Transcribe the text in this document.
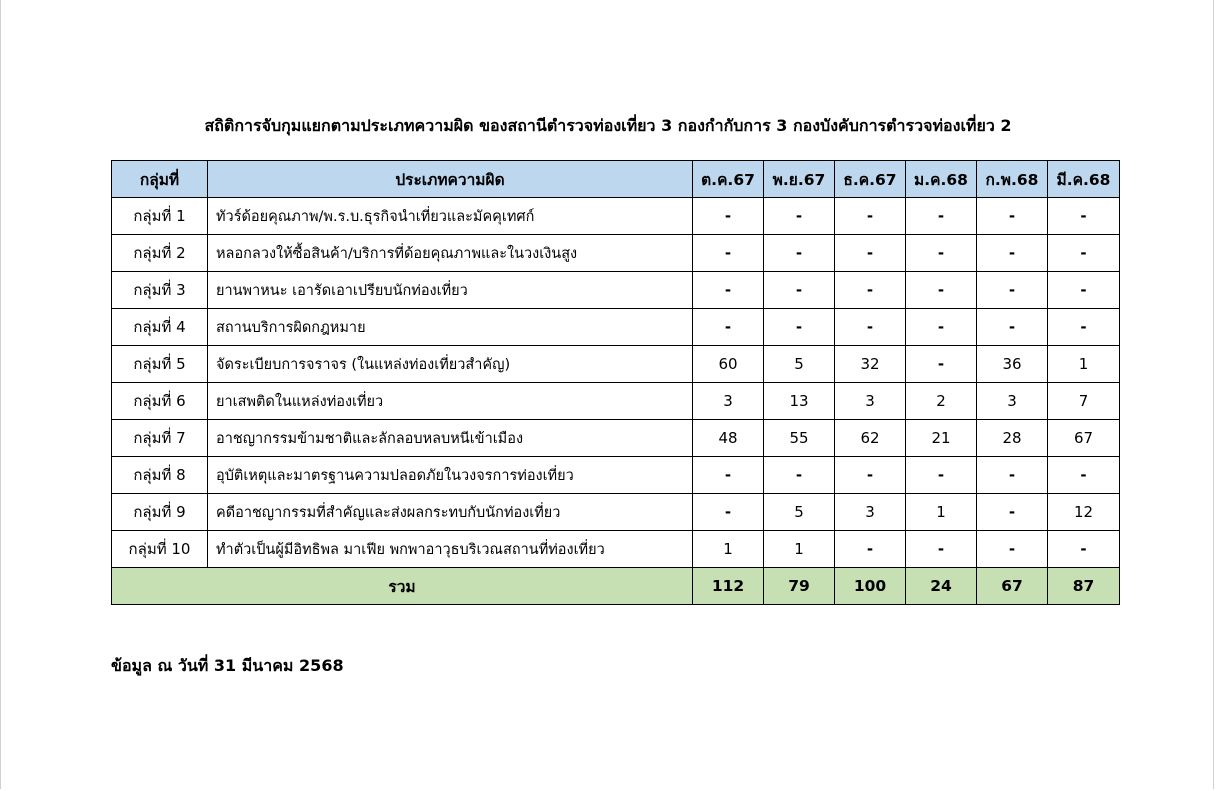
สถิติการจับกุมแยกตามประเภทความผิด ของสถานีตำรวจท่องเที่ยว 3 กองกำกับการ 3 กองบังคับการตำรวจท่องเที่ยว 2
กลุ่มที่	ประเภทความผิด	ต.ค.67	พ.ย.67	ธ.ค.67	ม.ค.68	ก.พ.68	มี.ค.68
กลุ่มที่ 1	ทัวร์ด้อยคุณภาพ/พ.ร.บ.ธุรกิจนำเที่ยวและมัคคุเทศก์	-	-	-	-	-	-
กลุ่มที่ 2	หลอกลวงให้ซื้อสินค้า/บริการที่ด้อยคุณภาพและในวงเงินสูง	-	-	-	-	-	-
กลุ่มที่ 3	ยานพาหนะ เอารัดเอาเปรียบนักท่องเที่ยว	-	-	-	-	-	-
กลุ่มที่ 4	สถานบริการผิดกฎหมาย	-	-	-	-	-	-
กลุ่มที่ 5	จัดระเบียบการจราจร (ในแหล่งท่องเที่ยวสำคัญ)	60	5	32	-	36	1
กลุ่มที่ 6	ยาเสพติดในแหล่งท่องเที่ยว	3	13	3	2	3	7
กลุ่มที่ 7	อาชญากรรมข้ามชาติและลักลอบหลบหนีเข้าเมือง	48	55	62	21	28	67
กลุ่มที่ 8	อุบัติเหตุและมาตรฐานความปลอดภัยในวงจรการท่องเที่ยว	-	-	-	-	-	-
กลุ่มที่ 9	คดีอาชญากรรมที่สำคัญและส่งผลกระทบกับนักท่องเที่ยว	-	5	3	1	-	12
กลุ่มที่ 10	ทำตัวเป็นผู้มีอิทธิพล มาเฟีย พกพาอาวุธบริเวณสถานที่ท่องเที่ยว	1	1	-	-	-	-
รวม		112	79	100	24	67	87
ข้อมูล ณ วันที่ 31 มีนาคม 2568
